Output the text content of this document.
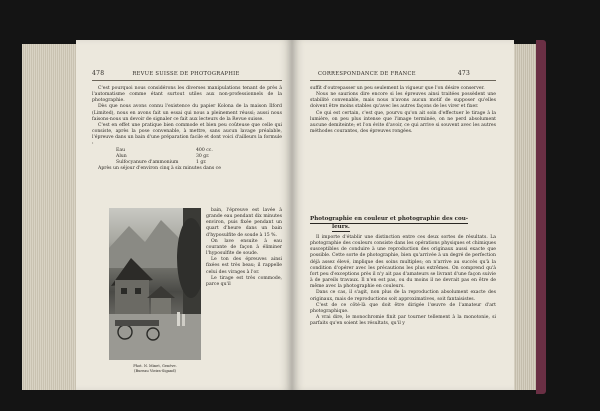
478	REVUE SUISSE DE PHOTOGRAPHIE

C'est pourquoi nous considérons les diverses manipulations tenant de près à l'automatisme comme étant surtout utiles aux non-professionnels de la photographie.

Dès que nous avons connu l'existence du papier Kolona de la maison Ilford (Limited), nous en avons fait un essai qui nous a pleinement réussi; aussi nous faisons-nous un devoir de signaler ce fait aux lecteurs de la Revue suisse.

C'est en effet une pratique bien commode et bien peu coûteuse que celle qui consiste, après la pose convenable, à mettre, sans aucun lavage préalable, l'épreuve dans un bain d'une préparation facile et dont voici d'ailleurs la formule :

Eau	400 cc.
Alun	30 gr.
Sulfocyanure d'ammonium	1 gr.

Après un séjour d'environ cinq à six minutes dans ce

Phot. N. Minet, Genève.
(Bureau Vieira-Sigand)

bain, l'épreuve est lavée à grande eau pendant dix minutes environ, puis fixée pendant un quart d'heure dans un bain d'hyposulfite de soude à 15 %.

On lave ensuite à eau courante de façon à éliminer l'hyposulfite de soude.

Le ton des épreuves ainsi fixées est très beau; il rappelle celui des virages à l'or.

Le tirage est très commode, parce qu'il

CORRESPONDANCE DE FRANCE	473

suffit d'outrepasser un peu seulement la vigueur que l'on désire conserver.

Nous ne saurions dire encore si les épreuves ainsi traitées possèdent une stabilité convenable, mais nous n'avons aucun motif de supposer qu'elles doivent être moins stables qu'avec les autres façons de les virer et fixer.

Ce qui est certain, c'est que, pourvu qu'on ait soin d'effectuer le tirage à la lumière, on peu plus intense que l'image terminée, on ne perd absolument aucune demiteinte; et l'on évite d'avoir, ce qui arrive si souvent avec les autres méthodes courantes, des épreuves rongées.

Photographie en couleur et photographie des cou-
leurs.

Il importe d'établir une distinction entre ces deux sortes de résultats. La photographie des couleurs consiste dans les opérations physiques et chimiques susceptibles de conduire à une reproduction des originaux aussi exacte que possible. Cette sorte de photographie, bien qu'arrivée à un degré de perfection déjà assez élevé, implique des soins multiples; on n'arrive au succès qu'à la condition d'opérer avec les précautions les plus extrêmes. On comprend qu'à fort peu d'exceptions près il n'y ait pas d'amateurs se livrant d'une façon suivie à de pareils travaux. Il n'en est pas, ou du moins il ne devrait pas en être de même avec la photographie en couleurs.

Dans ce cas, il s'agit, non plus de la reproduction absolument exacte des originaux, mais de reproductions soit approximatives, soit fantaisistes.

C'est de ce côté-là que doit être dirigée l'œuvre de l'amateur d'art photographique.

A vrai dire, le monochromie finit par tourner tellement à la monotonie, si parfaits qu'en soient les résultats, qu'il y
